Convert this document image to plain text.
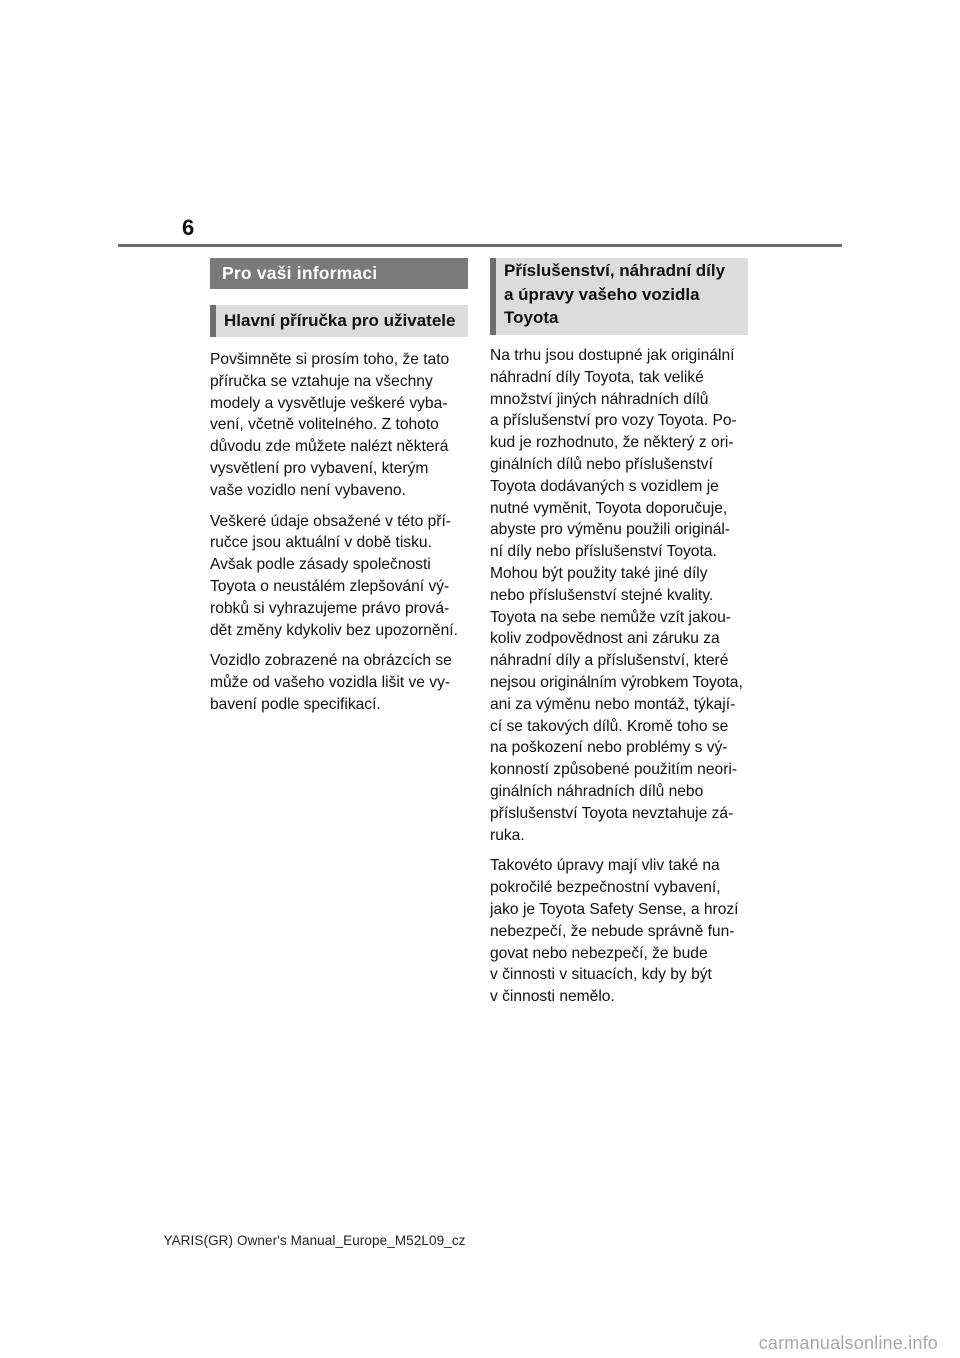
6
Pro vaši informaci
Hlavní příručka pro uživatele

Povšimněte si prosím toho, že tato
příručka se vztahuje na všechny
modely a vysvětluje veškeré vyba-
vení, včetně volitelného. Z tohoto
důvodu zde můžete nalézt některá
vysvětlení pro vybavení, kterým
vaše vozidlo není vybaveno.

Veškeré údaje obsažené v této pří-
ručce jsou aktuální v době tisku.
Avšak podle zásady společnosti
Toyota o neustálém zlepšování vý-
robků si vyhrazujeme právo prová-
dět změny kdykoliv bez upozornění.

Vozidlo zobrazené na obrázcích se
může od vašeho vozidla lišit ve vy-
bavení podle specifikací.

Příslušenství, náhradní díly
a úpravy vašeho vozidla
Toyota

Na trhu jsou dostupné jak originální
náhradní díly Toyota, tak veliké
množství jiných náhradních dílů
a příslušenství pro vozy Toyota. Po-
kud je rozhodnuto, že některý z ori-
ginálních dílů nebo příslušenství
Toyota dodávaných s vozidlem je
nutné vyměnit, Toyota doporučuje,
abyste pro výměnu použili originál-
ní díly nebo příslušenství Toyota.
Mohou být použity také jiné díly
nebo příslušenství stejné kvality.
Toyota na sebe nemůže vzít jakou-
koliv zodpovědnost ani záruku za
náhradní díly a příslušenství, které
nejsou originálním výrobkem Toyota,
ani za výměnu nebo montáž, týkají-
cí se takových dílů. Kromě toho se
na poškození nebo problémy s vý-
konností způsobené použitím neori-
ginálních náhradních dílů nebo
příslušenství Toyota nevztahuje zá-
ruka.

Takovéto úpravy mají vliv také na
pokročilé bezpečnostní vybavení,
jako je Toyota Safety Sense, a hrozí
nebezpečí, že nebude správně fun-
govat nebo nebezpečí, že bude
v činnosti v situacích, kdy by být
v činnosti nemělo.

YARIS(GR) Owner's Manual_Europe_M52L09_cz
carmanualsonline.info
